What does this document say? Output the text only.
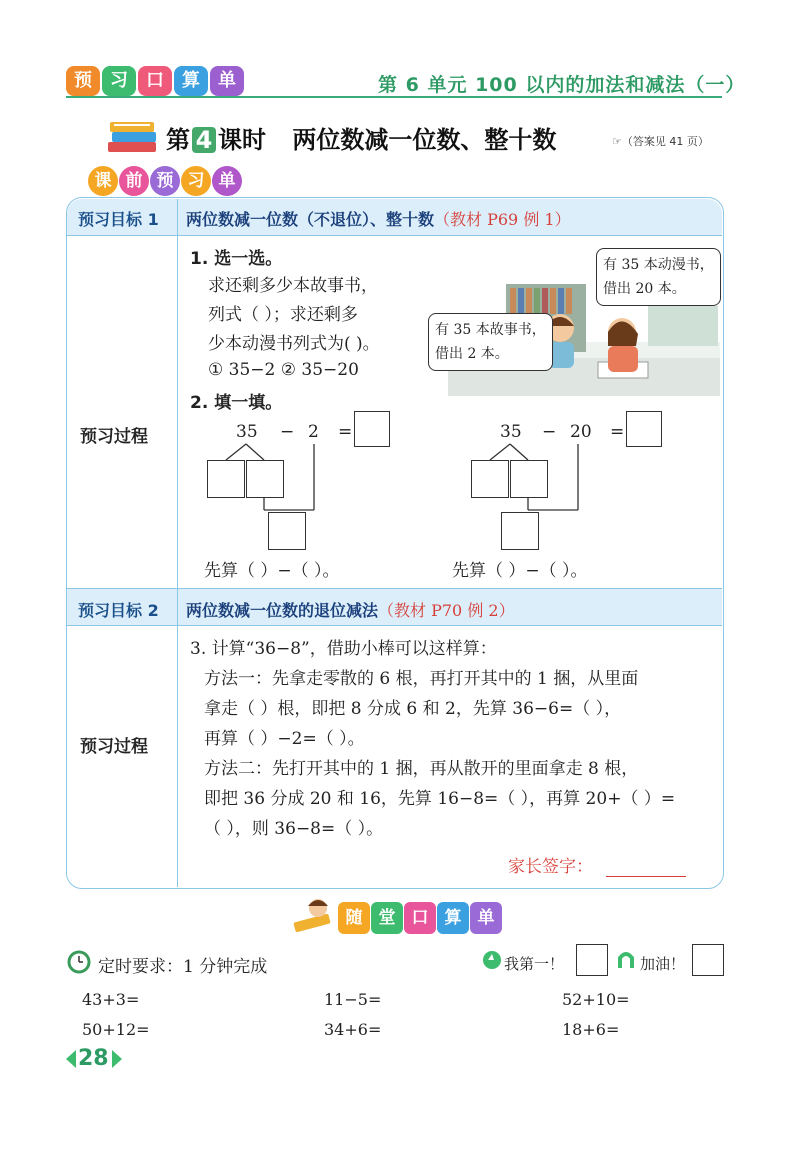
预 习 口 算 单	第 6 单元 100 以内的加法和减法（一）
第 4 课时 两位数减一位数、整十数	☞（答案见 41 页）
课 前 预 习 单
预习目标 1 两位数减一位数（不退位）、整十数（教材 P69 例 1）
预习过程
1. 选一选。
求还剩多少本故事书，
列式（ ）；求还剩多
少本动漫书列式为( )。
① 35−2 ② 35−20
有 35 本动漫书，
借出 20 本。
有 35 本故事书，
借出 2 本。
2. 填一填。
35 − 2 =	35 − 20 =
先算（ ）−（ ）。	先算（ ）−（ ）。
预习目标 2 两位数减一位数的退位减法（教材 P70 例 2）
预习过程
3. 计算“36−8”，借助小棒可以这样算：
方法一：先拿走零散的 6 根，再打开其中的 1 捆，从里面
拿走（ ）根，即把 8 分成 6 和 2，先算 36−6=（ ），
再算（ ）−2=（ ）。
方法二：先打开其中的 1 捆，再从散开的里面拿走 8 根，
即把 36 分成 20 和 16，先算 16−8=（ ），再算 20+（ ）=
（ ），则 36−8=（ ）。
家长签字：
随 堂 口 算 单
定时要求：1 分钟完成	我第一！	加油！
43+3=	11−5=	52+10=
50+12=	34+6=	18+6=
28
